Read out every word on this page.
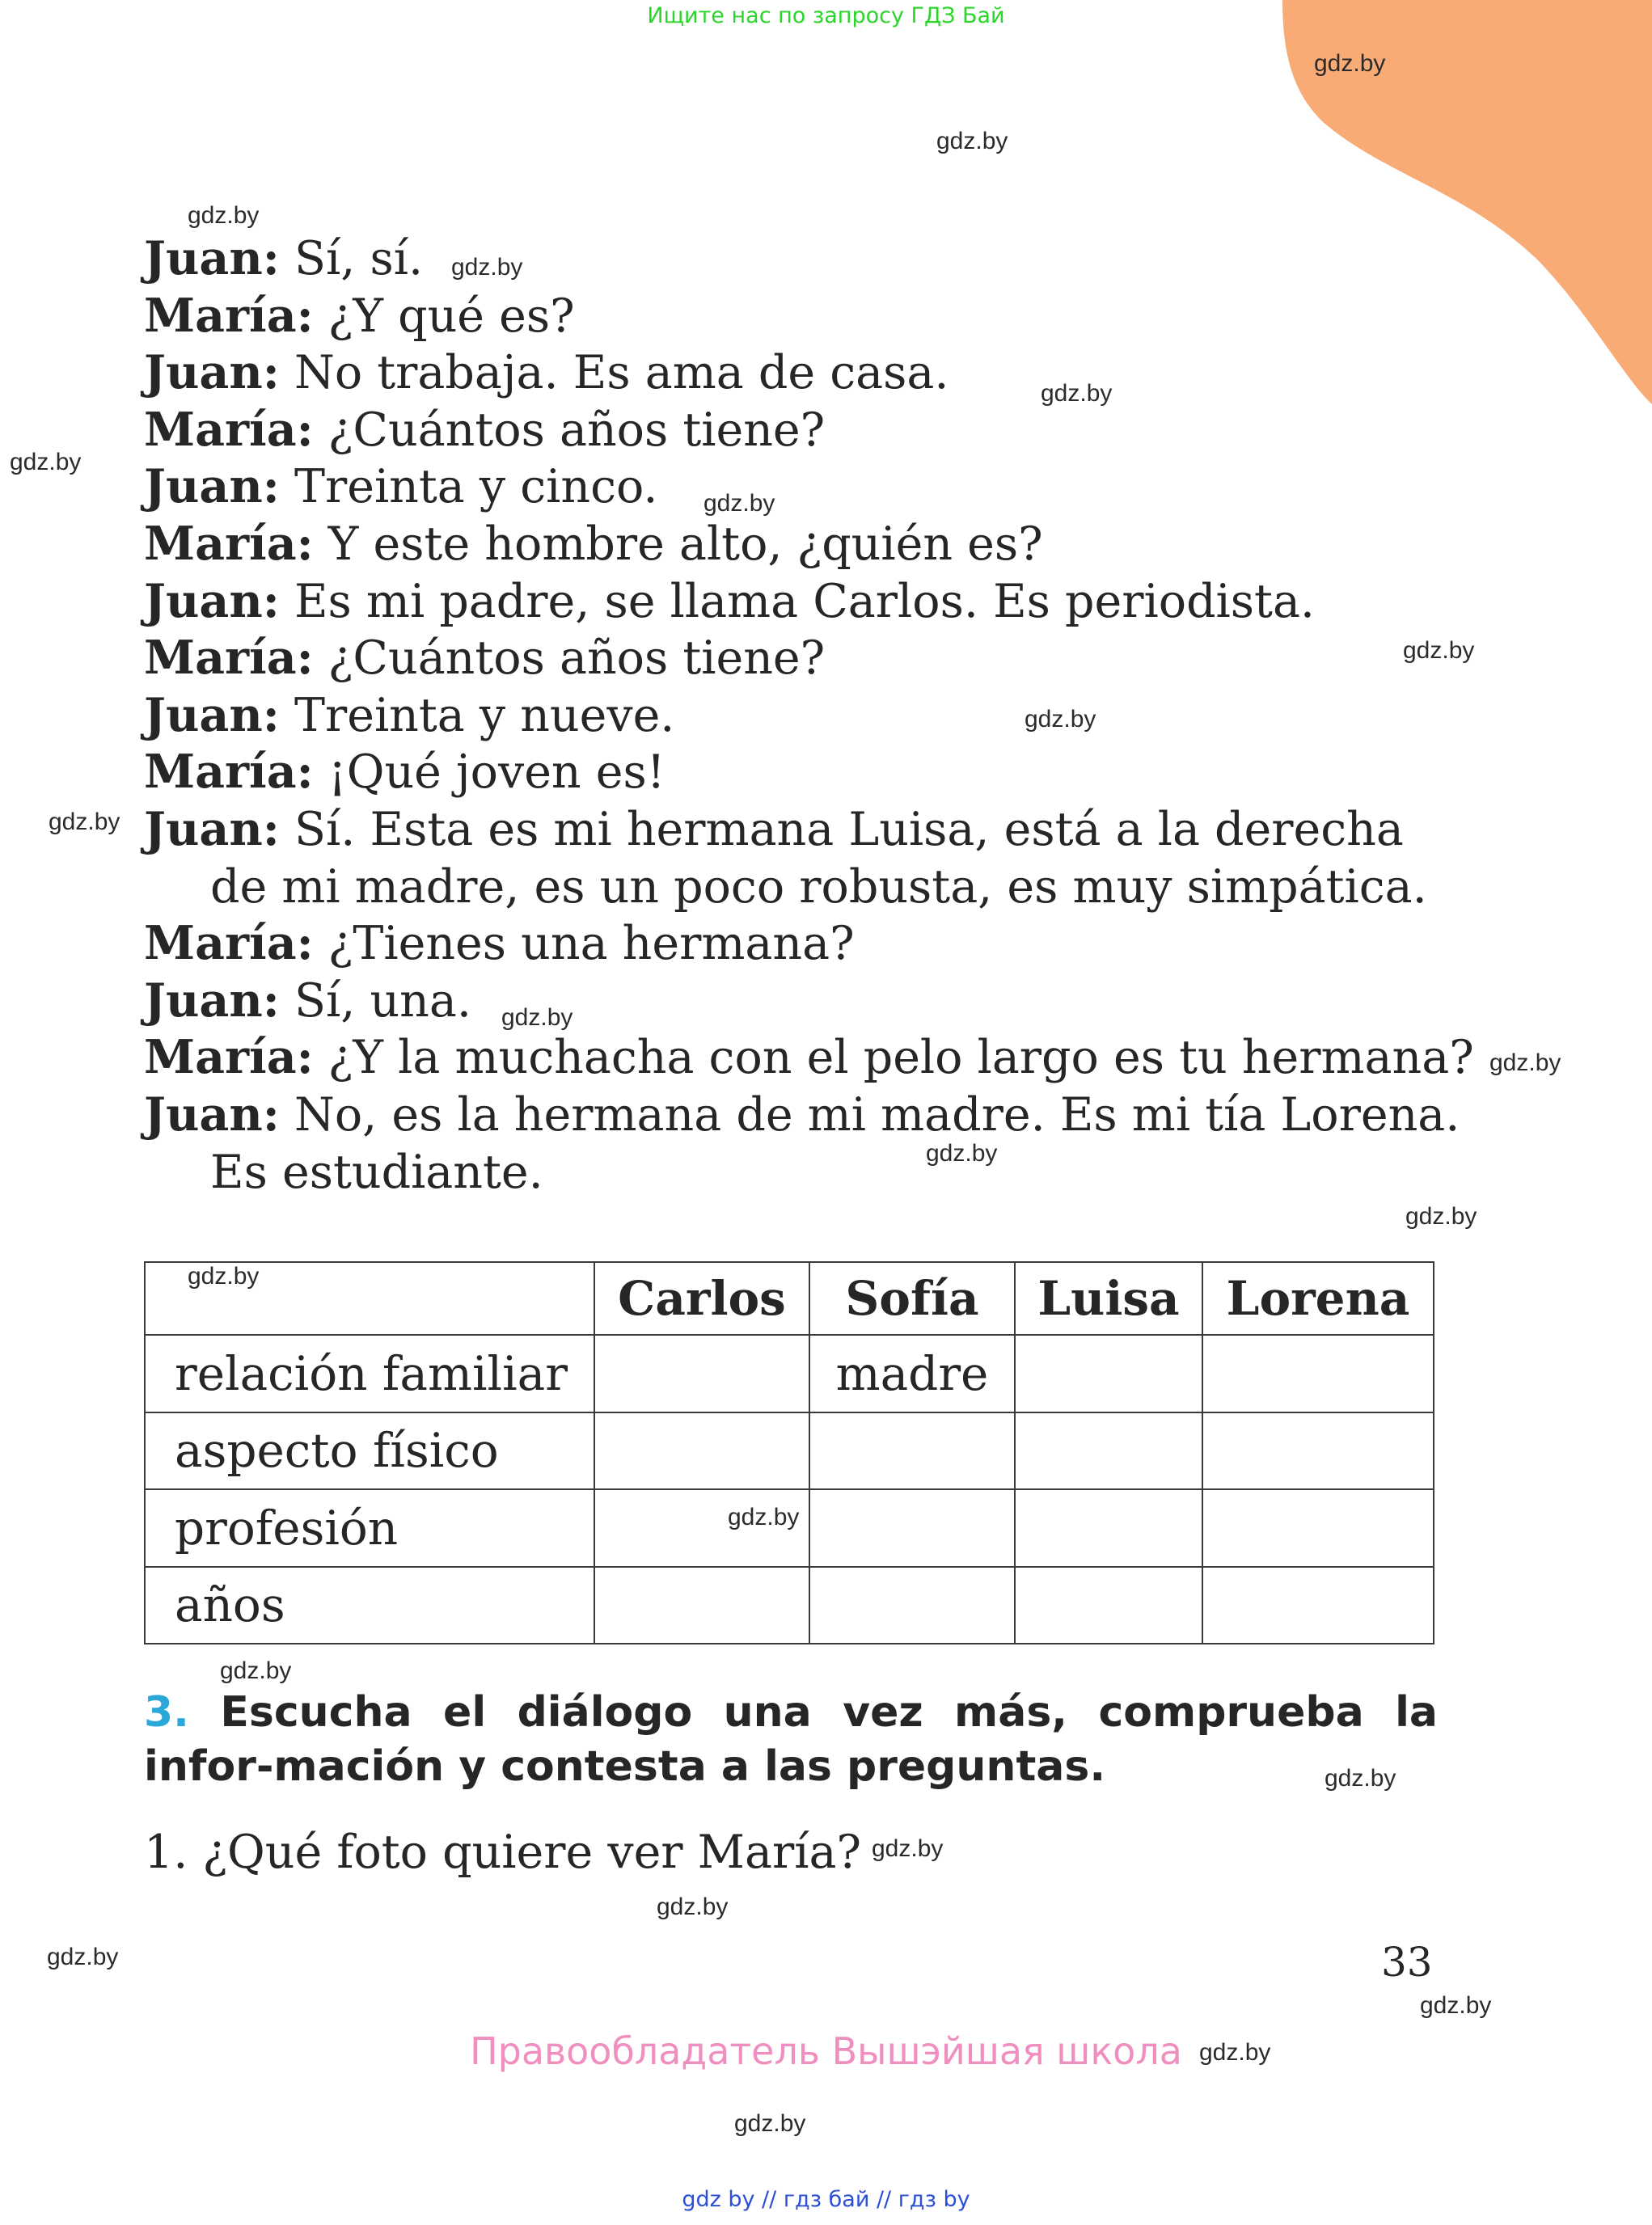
Ищите нас по запросу ГДЗ Бай
gdz.by
gdz.by
gdz.by
gdz.by
gdz.by
gdz.by
gdz.by
gdz.by
gdz.by
gdz.by
gdz.by
gdz.by
gdz.by
gdz.by
Juan: Sí, sí.
María: ¿Y qué es?
Juan: No trabaja. Es ama de casa.
María: ¿Cuántos años tiene?
Juan: Treinta y cinco.
María: Y este hombre alto, ¿quién es?
Juan: Es mi padre, se llama Carlos. Es periodista.
María: ¿Cuántos años tiene?
Juan: Treinta y nueve.
María: ¡Qué joven es!
Juan: Sí. Esta es mi hermana Luisa, está a la derecha
de mi madre, es un poco robusta, es muy simpática.
María: ¿Tienes una hermana?
Juan: Sí, una.
María: ¿Y la muchacha con el pelo largo es tu hermana?
Juan: No, es la hermana de mi madre. Es mi tía Lorena.
Es estudiante.
	Carlos	Sofía	Luisa	Lorena
relación familiar		madre		
aspecto físico				
profesión				
años				
gdz.by
gdz.by
gdz.by
3. Escucha el diálogo una vez más, comprueba la infor-mación y contesta a las preguntas.	gdz.by
1. ¿Qué foto quiere ver María? gdz.by
gdz.by
gdz.by	33
gdz.by
Правообладатель Вышэйшая школа gdz.by
gdz.by
gdz by // гдз бай // гдз by
